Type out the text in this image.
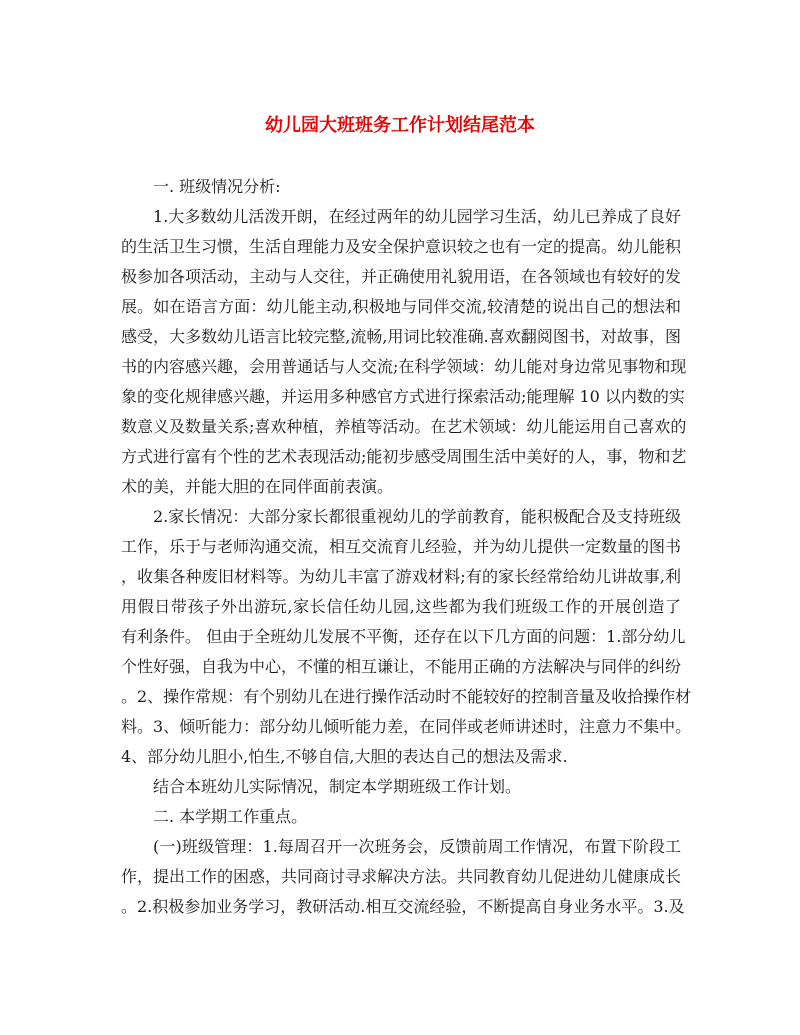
幼儿园大班班务工作计划结尾范本

一. 班级情况分析:

1.大多数幼儿活泼开朗，在经过两年的幼儿园学习生活，幼儿已养成了良好

的生活卫生习惯，生活自理能力及安全保护意识较之也有一定的提高。幼儿能积

极参加各项活动，主动与人交往，并正确使用礼貌用语，在各领域也有较好的发

展。如在语言方面：幼儿能主动,积极地与同伴交流,较清楚的说出自己的想法和

感受，大多数幼儿语言比较完整,流畅,用词比较准确.喜欢翻阅图书，对故事，图

书的内容感兴趣，会用普通话与人交流;在科学领域：幼儿能对身边常见事物和现

象的变化规律感兴趣，并运用多种感官方式进行探索活动;能理解 10 以内数的实

数意义及数量关系;喜欢种植，养植等活动。在艺术领域：幼儿能运用自己喜欢的

方式进行富有个性的艺术表现活动;能初步感受周围生活中美好的人，事，物和艺

术的美，并能大胆的在同伴面前表演。

2.家长情况：大部分家长都很重视幼儿的学前教育，能积极配合及支持班级

工作，乐于与老师沟通交流，相互交流育儿经验，并为幼儿提供一定数量的图书

，收集各种废旧材料等。为幼儿丰富了游戏材料;有的家长经常给幼儿讲故事,利

用假日带孩子外出游玩,家长信任幼儿园,这些都为我们班级工作的开展创造了

有利条件。 但由于全班幼儿发展不平衡，还存在以下几方面的问题：1.部分幼儿

个性好强，自我为中心，不懂的相互谦让，不能用正确的方法解决与同伴的纠纷

。2、操作常规：有个别幼儿在进行操作活动时不能较好的控制音量及收拾操作材

料。3、倾听能力：部分幼儿倾听能力差，在同伴或老师讲述时，注意力不集中。

4、部分幼儿胆小,怕生,不够自信,大胆的表达自己的想法及需求.

结合本班幼儿实际情况，制定本学期班级工作计划。

二. 本学期工作重点。

(一)班级管理：1.每周召开一次班务会，反馈前周工作情况，布置下阶段工

作，提出工作的困惑，共同商讨寻求解决方法。共同教育幼儿促进幼儿健康成长

。2.积极参加业务学习，教研活动.相互交流经验，不断提高自身业务水平。3.及
